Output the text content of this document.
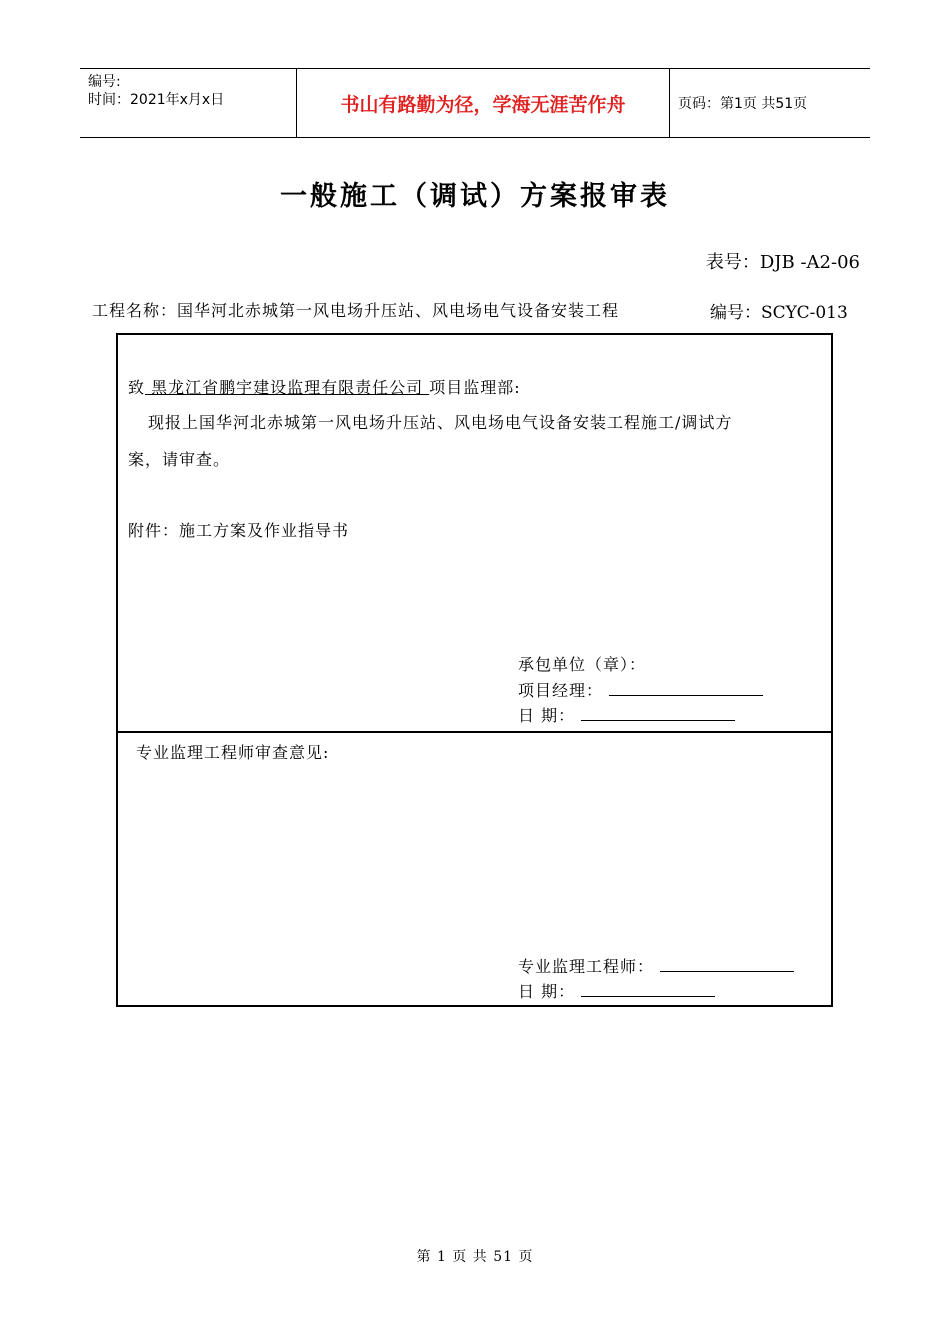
编号:
时间：2021年x月x日	书山有路勤为径，学海无涯苦作舟	页码：第1页 共51页
一般施工（调试）方案报审表
表号：DJB -A2-06
工程名称：国华河北赤城第一风电场升压站、风电场电气设备安装工程	编号：SCYC-013
致 黑龙江省鹏宇建设监理有限责任公司 项目监理部:
现报上国华河北赤城第一风电场升压站、风电场电气设备安装工程施工/调试方
案，请审查。
附件：施工方案及作业指导书
承包单位（章）：
项目经理：
日 期：
专业监理工程师审查意见:
专业监理工程师：
日 期：
第 1 页 共 51 页
